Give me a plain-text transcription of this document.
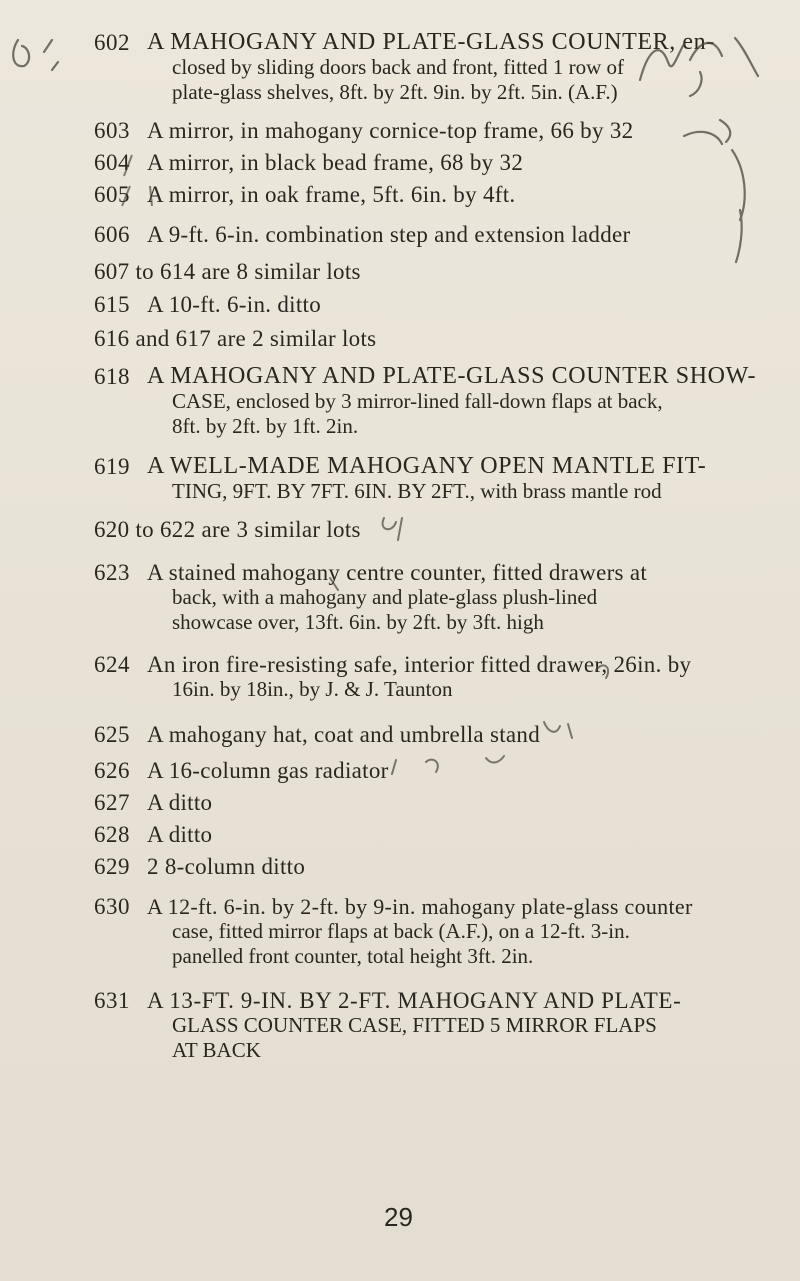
602 A MAHOGANY AND PLATE-GLASS COUNTER, en-
closed by sliding doors back and front, fitted 1 row of
plate-glass shelves, 8ft. by 2ft. 9in. by 2ft. 5in. (A.F.)
603 A mirror, in mahogany cornice-top frame, 66 by 32
604 A mirror, in black bead frame, 68 by 32
605 A mirror, in oak frame, 5ft. 6in. by 4ft.
606 A 9-ft. 6-in. combination step and extension ladder
607 to 614 are 8 similar lots
615 A 10-ft. 6-in. ditto
616 and 617 are 2 similar lots
618 A MAHOGANY AND PLATE-GLASS COUNTER SHOW-
CASE, enclosed by 3 mirror-lined fall-down flaps at back,
8ft. by 2ft. by 1ft. 2in.
619 A WELL-MADE MAHOGANY OPEN MANTLE FIT-
TING, 9FT. BY 7FT. 6IN. BY 2FT., with brass mantle rod
620 to 622 are 3 similar lots
623 A stained mahogany centre counter, fitted drawers at
back, with a mahogany and plate-glass plush-lined
showcase over, 13ft. 6in. by 2ft. by 3ft. high
624 An iron fire-resisting safe, interior fitted drawer, 26in. by
16in. by 18in., by J. & J. Taunton
625 A mahogany hat, coat and umbrella stand
626 A 16-column gas radiator
627 A ditto
628 A ditto
629 2 8-column ditto
630 A 12-ft. 6-in. by 2-ft. by 9-in. mahogany plate-glass counter
case, fitted mirror flaps at back (A.F.), on a 12-ft. 3-in.
panelled front counter, total height 3ft. 2in.
631 A 13-FT. 9-IN. BY 2-FT. MAHOGANY AND PLATE-
GLASS COUNTER CASE, FITTED 5 MIRROR FLAPS
AT BACK
29
